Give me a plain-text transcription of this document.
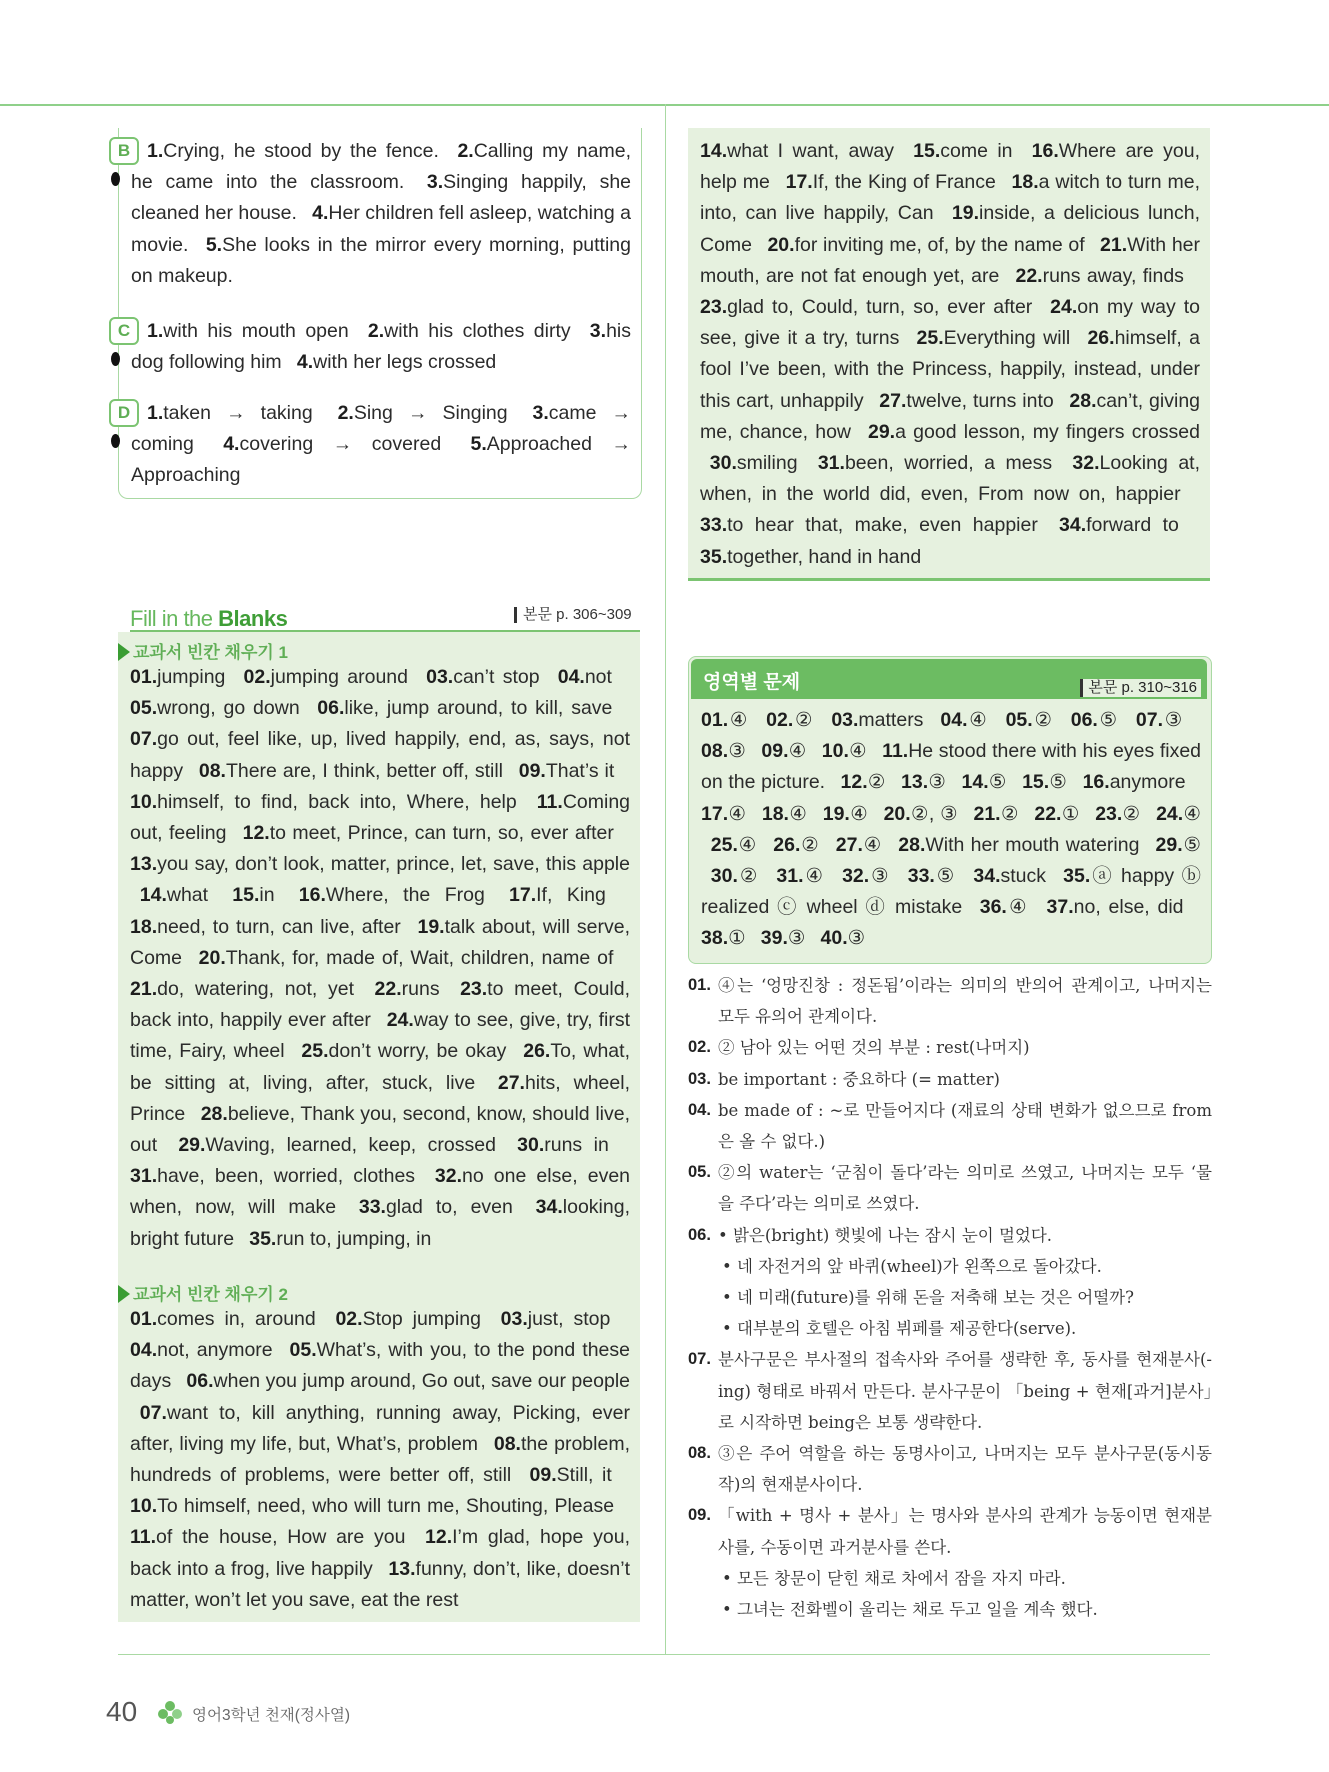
B 1.Crying, he stood by the fence.   2.Calling my name, he came into the classroom.   3.Singing happily, she cleaned her house.   4.Her children fell asleep, watching a movie.   5.She looks in the mirror every morning, putting on makeup.
C 1.with his mouth open   2.with his clothes dirty   3.his dog following him   4.with her legs crossed
D 1.taken → taking   2.Sing → Singing   3.came → coming   4.covering → covered   5.Approached → Approaching
14.what I want, away   15.come in   16.Where are you, help me   17.If, the King of France   18.a witch to turn me, into, can live happily, Can   19.inside, a delicious lunch, Come   20.for inviting me, of, by the name of   21.With her mouth, are not fat enough yet, are   22.runs away, finds  23.glad to, Could, turn, so, ever after   24.on my way to see, give it a try, turns   25.Everything will   26.himself, a fool I’ve been, with the Princess, happily, instead, under this cart, unhappily   27.twelve, turns into   28.can’t, giving me, chance, how   29.a good lesson, my fingers crossed  30.smiling   31.been, worried, a mess   32.Looking at, when, in the world did, even, From now on, happier  33.to hear that, make, even happier   34.forward to  35.together, hand in hand
Fill in the Blanks	본문 p. 306~309
교과서 빈칸 채우기 1
01.jumping   02.jumping around   03.can’t stop   04.not  05.wrong, go down   06.like, jump around, to kill, save  07.go out, feel like, up, lived happily, end, as, says, not happy   08.There are, I think, better off, still   09.That’s it  10.himself, to find, back into, Where, help   11.Coming out, feeling   12.to meet, Prince, can turn, so, ever after  13.you say, don’t look, matter, prince, let, save, this apple  14.what   15.in   16.Where, the Frog   17.If, King  18.need, to turn, can live, after   19.talk about, will serve, Come   20.Thank, for, made of, Wait, children, name of  21.do, watering, not, yet   22.runs   23.to meet, Could, back into, happily ever after   24.way to see, give, try, first time, Fairy, wheel   25.don’t worry, be okay   26.To, what, be sitting at, living, after, stuck, live   27.hits, wheel, Prince   28.believe, Thank you, second, know, should live, out   29.Waving, learned, keep, crossed   30.runs in  31.have, been, worried, clothes   32.no one else, even when, now, will make   33.glad to, even   34.looking, bright future   35.run to, jumping, in
교과서 빈칸 채우기 2
01.comes in, around   02.Stop jumping   03.just, stop  04.not, anymore   05.What’s, with you, to the pond these days   06.when you jump around, Go out, save our people  07.want to, kill anything, running away, Picking, ever after, living my life, but, What’s, problem   08.the problem, hundreds of problems, were better off, still   09.Still, it  10.To himself, need, who will turn me, Shouting, Please  11.of the house, How are you   12.I’m glad, hope you, back into a frog, live happily   13.funny, don’t, like, doesn’t matter, won’t let you save, eat the rest
영역별 문제	본문 p. 310~316
01.④   02.②   03.matters   04.④   05.②   06.⑤   07.③  08.③   09.④   10.④   11.He stood there with his eyes fixed on the picture.   12.②   13.③   14.⑤   15.⑤   16.anymore  17.④   18.④   19.④   20.②, ③   21.②   22.①   23.②   24.④  25.④   26.②   27.④   28.With her mouth watering   29.⑤  30.②   31.④   32.③   33.⑤   34.stuck   35.ⓐ happy ⓑ realized ⓒ wheel ⓓ mistake   36.④   37.no, else, did  38.①   39.③   40.③
01. ④는 ‘엉망진창 : 정돈됨’이라는 의미의 반의어 관계이고, 나머지는 모두 유의어 관계이다.
02. ② 남아 있는 어떤 것의 부분 : rest(나머지)
03. be important : 중요하다 (= matter)
04. be made of : ~로 만들어지다 (재료의 상태 변화가 없으므로 from은 올 수 없다.)
05. ②의 water는 ‘군침이 돌다’라는 의미로 쓰였고, 나머지는 모두 ‘물을 주다’라는 의미로 쓰였다.
06. • 밝은(bright) 햇빛에 나는 잠시 눈이 멀었다.
• 네 자전거의 앞 바퀴(wheel)가 왼쪽으로 돌아갔다.
• 네 미래(future)를 위해 돈을 저축해 보는 것은 어떨까?
• 대부분의 호텔은 아침 뷔페를 제공한다(serve).
07. 분사구문은 부사절의 접속사와 주어를 생략한 후, 동사를 현재분사(-ing) 형태로 바꿔서 만든다. 분사구문이 「being + 현재[과거]분사」로 시작하면 being은 보통 생략한다.
08. ③은 주어 역할을 하는 동명사이고, 나머지는 모두 분사구문(동시동작)의 현재분사이다.
09. 「with + 명사 + 분사」는 명사와 분사의 관계가 능동이면 현재분사를, 수동이면 과거분사를 쓴다.
• 모든 창문이 닫힌 채로 차에서 잠을 자지 마라.
• 그녀는 전화벨이 울리는 채로 두고 일을 계속 했다.
40	영어3학년 천재(정사열)
